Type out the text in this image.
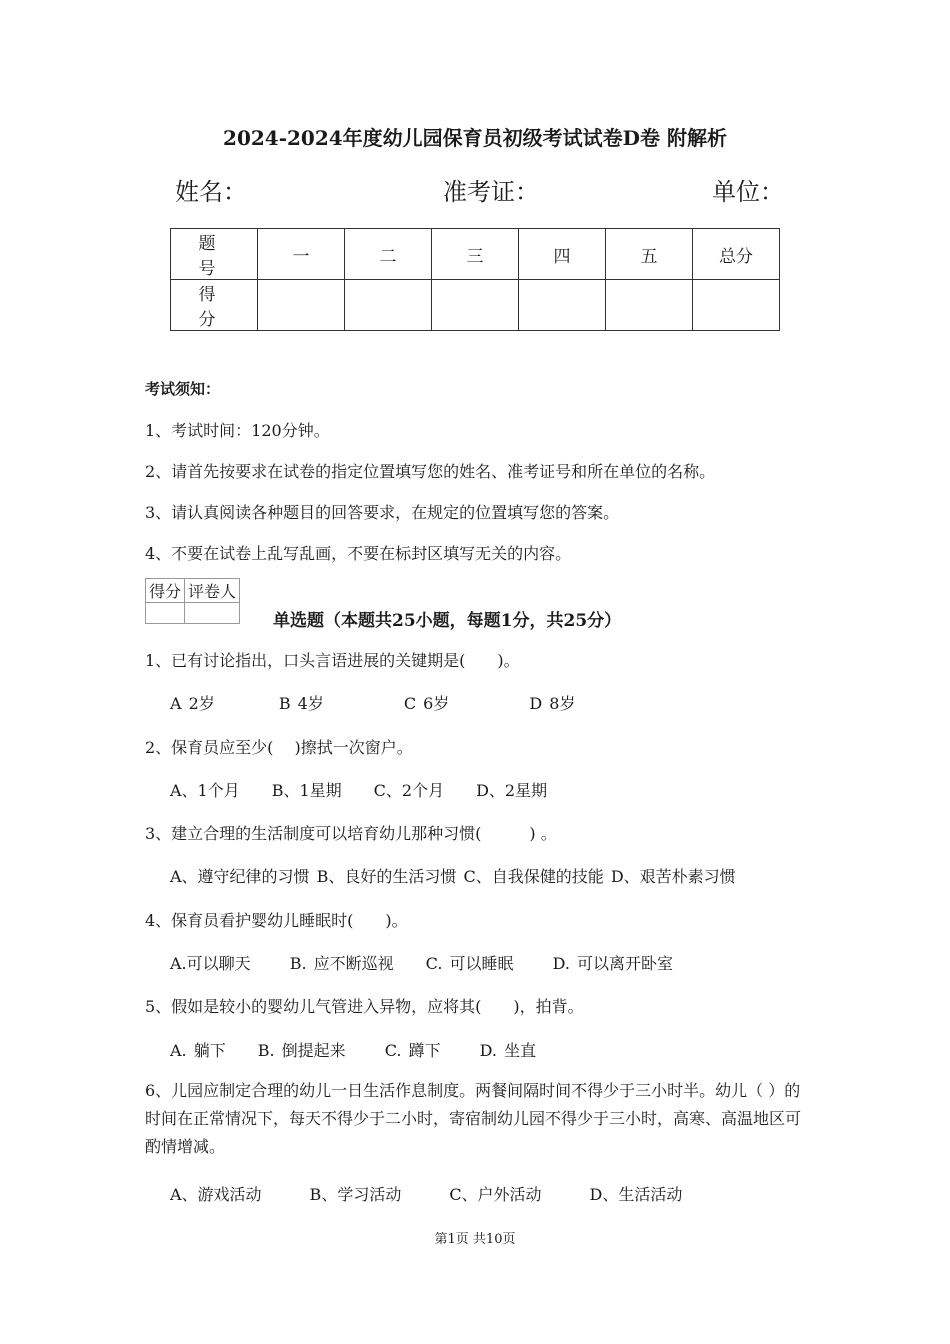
2024-2024年度幼儿园保育员初级考试试卷D卷 附解析
姓名：	准考证：	单位：
题　号	一	二	三	四	五	总分
得　分						
考试须知：
1、考试时间：120分钟。
2、请首先按要求在试卷的指定位置填写您的姓名、准考证号和所在单位的名称。
3、请认真阅读各种题目的回答要求，在规定的位置填写您的答案。
4、不要在试卷上乱写乱画，不要在标封区填写无关的内容。
得分	评卷人

单选题（本题共25小题，每题1分，共25分）
1、已有讨论指出，口头言语进展的关键期是(　　)。
A 2岁　　　　B 4岁　　　　　C 6岁　　　　　D 8岁
2、保育员应至少(　 )擦拭一次窗户。
A、1个月　　B、1星期　　C、2个月　　D、2星期
3、建立合理的生活制度可以培育幼儿那种习惯(　　　) 。
A、遵守纪律的习惯 B、良好的生活习惯 C、自我保健的技能 D、艰苦朴素习惯
4、保育员看护婴幼儿睡眠时(　　)。
A.可以聊天　　 B. 应不断巡视　　C. 可以睡眠　　 D. 可以离开卧室
5、假如是较小的婴幼儿气管进入异物，应将其(　　)，拍背。
A. 躺下　　B. 倒提起来　　 C. 蹲下　　 D. 坐直
6、儿园应制定合理的幼儿一日生活作息制度。两餐间隔时间不得少于三小时半。幼儿（ ）的时间在正常情况下，每天不得少于二小时，寄宿制幼儿园不得少于三小时，高寒、高温地区可酌情增减。
A、游戏活动　　　B、学习活动　　　C、户外活动　　　D、生活活动
第1页 共10页
